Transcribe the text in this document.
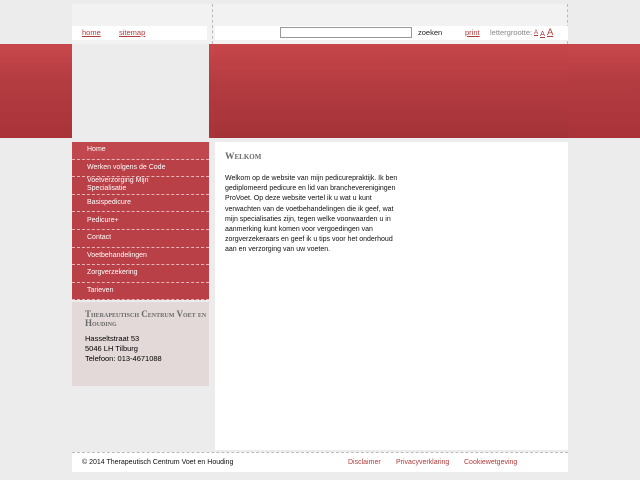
home sitemap	zoeken	print lettergrootte: A A A
Home
Werken volgens de Code
Voetverzorging Mijn Specialisatie
Basispedicure
Pedicure+
Contact
Voetbehandelingen
Zorgverzekering
Tarieven
Therapeutisch Centrum Voet en Houding
Hasseltstraat 53
5046 LH Tilburg
Telefoon: 013-4671088
Welkom
Welkom op de website van mijn pedicurepraktijk. Ik ben gediplomeerd pedicure en lid van brancheverenigingen ProVoet. Op deze website vertel ik u wat u kunt verwachten van de voetbehandelingen die ik geef, wat mijn specialisaties zijn, tegen welke voorwaarden u in aanmerking kunt komen voor vergoedingen van zorgverzekeraars en geef ik u tips voor het onderhoud aan en verzorging van uw voeten.
© 2014 Therapeutisch Centrum Voet en Houding	Disclaimer Privacyverklaring Cookiewetgeving
